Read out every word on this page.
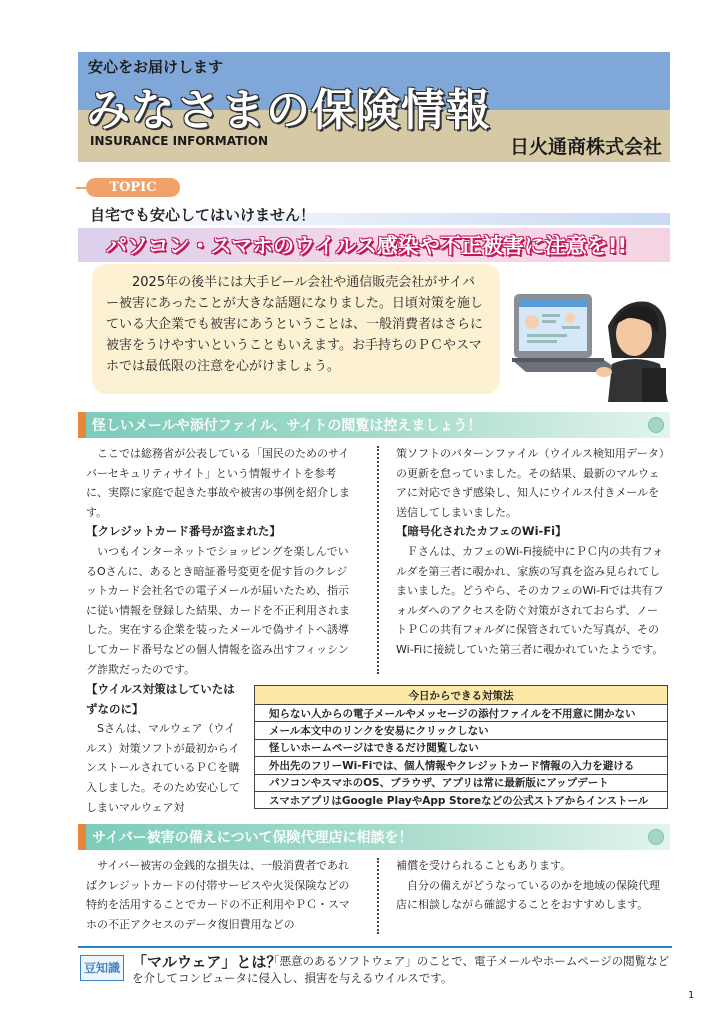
安心をお届けします
みなさまの保険情報
INSURANCE INFORMATION	日火通商株式会社
TOPIC
自宅でも安心してはいけません！
パソコン・スマホのウイルス感染や不正被害に注意を!!

2025年の後半には大手ビール会社や通信販売会社がサイバー被害にあったことが大きな話題になりました。日頃対策を施している大企業でも被害にあうということは、一般消費者はさらに被害をうけやすいということもいえます。お手持ちのＰＣやスマホでは最低限の注意を心がけましょう。

怪しいメールや添付ファイル、サイトの閲覧は控えましょう！

ここでは総務省が公表している「国民のためのサイバーセキュリティサイト」という情報サイトを参考に、実際に家庭で起きた事故や被害の事例を紹介します。

【クレジットカード番号が盗まれた】

いつもインターネットでショッピングを楽しんでいるOさんに、あるとき暗証番号変更を促す旨のクレジットカード会社名での電子メールが届いたため、指示に従い情報を登録した結果、カードを不正利用されました。実在する企業を装ったメールで偽サイトへ誘導してカード番号などの個人情報を盗み出すフィッシング詐欺だったのです。

【ウイルス対策はしていたはずなのに】

Sさんは、マルウェア（ウイルス）対策ソフトが最初からインストールされているＰＣを購入しました。そのため安心してしまいマルウェア対

策ソフトのパターンファイル（ウイルス検知用データ）の更新を怠っていました。その結果、最新のマルウェアに対応できず感染し、知人にウイルス付きメールを送信してしまいました。

【暗号化されたカフェのWi-Fi】

Ｆさんは、カフェのWi-Fi接続中にＰＣ内の共有フォルダを第三者に覗かれ、家族の写真を盗み見られてしまいました。どうやら、そのカフェのWi-Fiでは共有フォルダへのアクセスを防ぐ対策がされておらず、ノートＰＣの共有フォルダに保管されていた写真が、そのWi-Fiに接続していた第三者に覗かれていたようです。

今日からできる対策法
知らない人からの電子メールやメッセージの添付ファイルを不用意に開かない
メール本文中のリンクを安易にクリックしない
怪しいホームページはできるだけ閲覧しない
外出先のフリーWi-Fiでは、個人情報やクレジットカード情報の入力を避ける
パソコンやスマホのOS、ブラウザ、アプリは常に最新版にアップデート
スマホアプリはGoogle PlayやApp Storeなどの公式ストアからインストール
サイバー被害の備えについて保険代理店に相談を！

サイバー被害の金銭的な損失は、一般消費者であればクレジットカードの付帯サービスや火災保険などの特約を活用することでカードの不正利用やＰＣ・スマホの不正アクセスのデータ復旧費用などの

補償を受けられることもあります。

自分の備えがどうなっているのかを地域の保険代理店に相談しながら確認することをおすすめします。

豆知識 「マルウェア」とは？
「悪意のあるソフトウェア」のことで、電子メールやホームページの閲覧などを介してコンピュータに侵入し、損害を与えるウイルスです。
1
